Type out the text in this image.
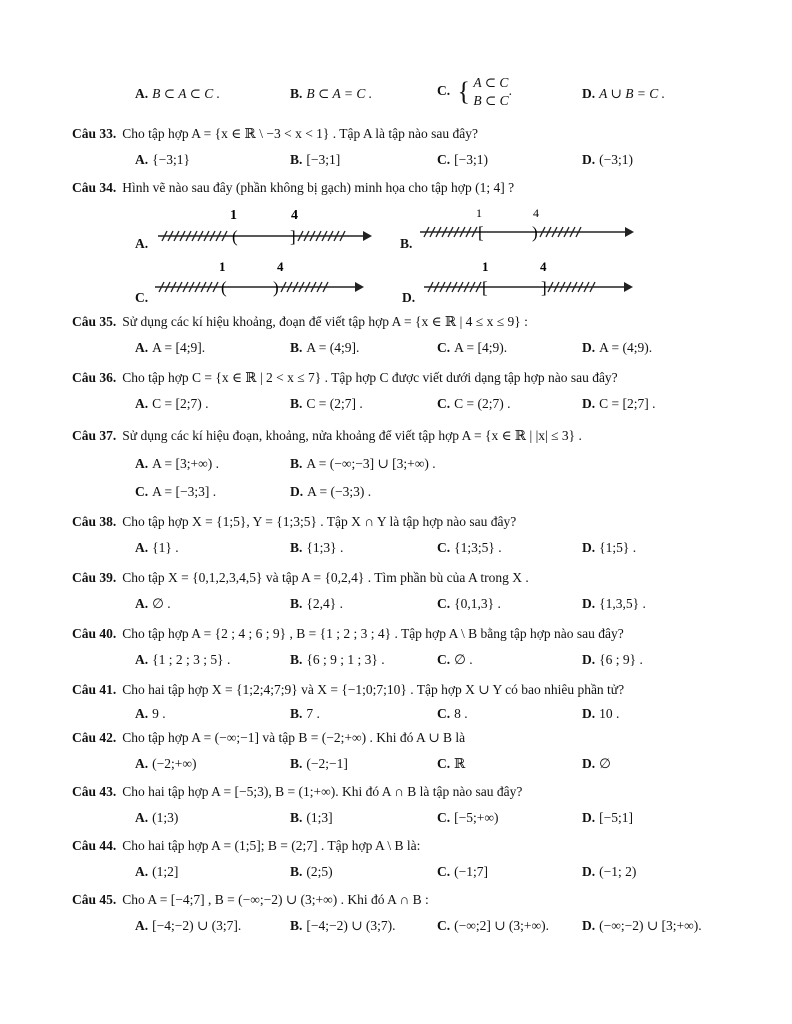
A. B ⊂ A ⊂ C .	B. B ⊂ A = C .	C. { A ⊂ C
B ⊂ C
.	D. A ∪ B = C .
Câu 33. Cho tập hợp A = {x ∈ ℝ \ −3 < x < 1} . Tập A là tập nào sau đây?
A. {−3;1}	B. [−3;1]	C. [−3;1)	D. (−3;1)
Câu 34. Hình vẽ nào sau đây (phần không bị gạch) minh họa cho tập hợp (1; 4] ?
A.	(	]
1	4
B.
[	)
1	4
C.
(	)
1	4
D.
[	]
1	4
Câu 35. Sử dụng các kí hiệu khoảng, đoạn để viết tập hợp A = {x ∈ ℝ | 4 ≤ x ≤ 9} :
A. A = [4;9].	B. A = (4;9].	C. A = [4;9).	D. A = (4;9).
Câu 36. Cho tập hợp C = {x ∈ ℝ | 2 < x ≤ 7} . Tập hợp C được viết dưới dạng tập hợp nào sau đây?
A. C = [2;7) .	B. C = (2;7] .	C. C = (2;7) .	D. C = [2;7] .
Câu 37. Sử dụng các kí hiệu đoạn, khoảng, nửa khoảng để viết tập hợp A = {x ∈ ℝ | |x| ≤ 3} .
A. A = [3;+∞) .	B. A = (−∞;−3] ∪ [3;+∞) .
C. A = [−3;3] .	D. A = (−3;3) .
Câu 38. Cho tập hợp X = {1;5}, Y = {1;3;5} . Tập X ∩ Y là tập hợp nào sau đây?
A. {1} .	B. {1;3} .	C. {1;3;5} .	D. {1;5} .
Câu 39. Cho tập X = {0,1,2,3,4,5} và tập A = {0,2,4} . Tìm phần bù của A trong X .
A. ∅ .	B. {2,4} .	C. {0,1,3} .	D. {1,3,5} .
Câu 40. Cho tập hợp A = {2 ; 4 ; 6 ; 9} , B = {1 ; 2 ; 3 ; 4} . Tập hợp A \ B bằng tập hợp nào sau đây?
A. {1 ; 2 ; 3 ; 5} .	B. {6 ; 9 ; 1 ; 3} .	C. ∅ .	D. {6 ; 9} .
Câu 41. Cho hai tập hợp X = {1;2;4;7;9} và X = {−1;0;7;10} . Tập hợp X ∪ Y có bao nhiêu phần tử?
A. 9 .	B. 7 .	C. 8 .	D. 10 .
Câu 42. Cho tập hợp A = (−∞;−1] và tập B = (−2;+∞) . Khi đó A ∪ B là
A. (−2;+∞)	B. (−2;−1]	C. ℝ	D. ∅
Câu 43. Cho hai tập hợp A = [−5;3), B = (1;+∞). Khi đó A ∩ B là tập nào sau đây?
A. (1;3)	B. (1;3]	C. [−5;+∞)	D. [−5;1]
Câu 44. Cho hai tập hợp A = (1;5]; B = (2;7] . Tập hợp A \ B là:
A. (1;2]	B. (2;5)	C. (−1;7]	D. (−1; 2)
Câu 45. Cho A = [−4;7] , B = (−∞;−2) ∪ (3;+∞) . Khi đó A ∩ B :
A. [−4;−2) ∪ (3;7].	B. [−4;−2) ∪ (3;7).	C. (−∞;2] ∪ (3;+∞). D. (−∞;−2) ∪ [3;+∞).
